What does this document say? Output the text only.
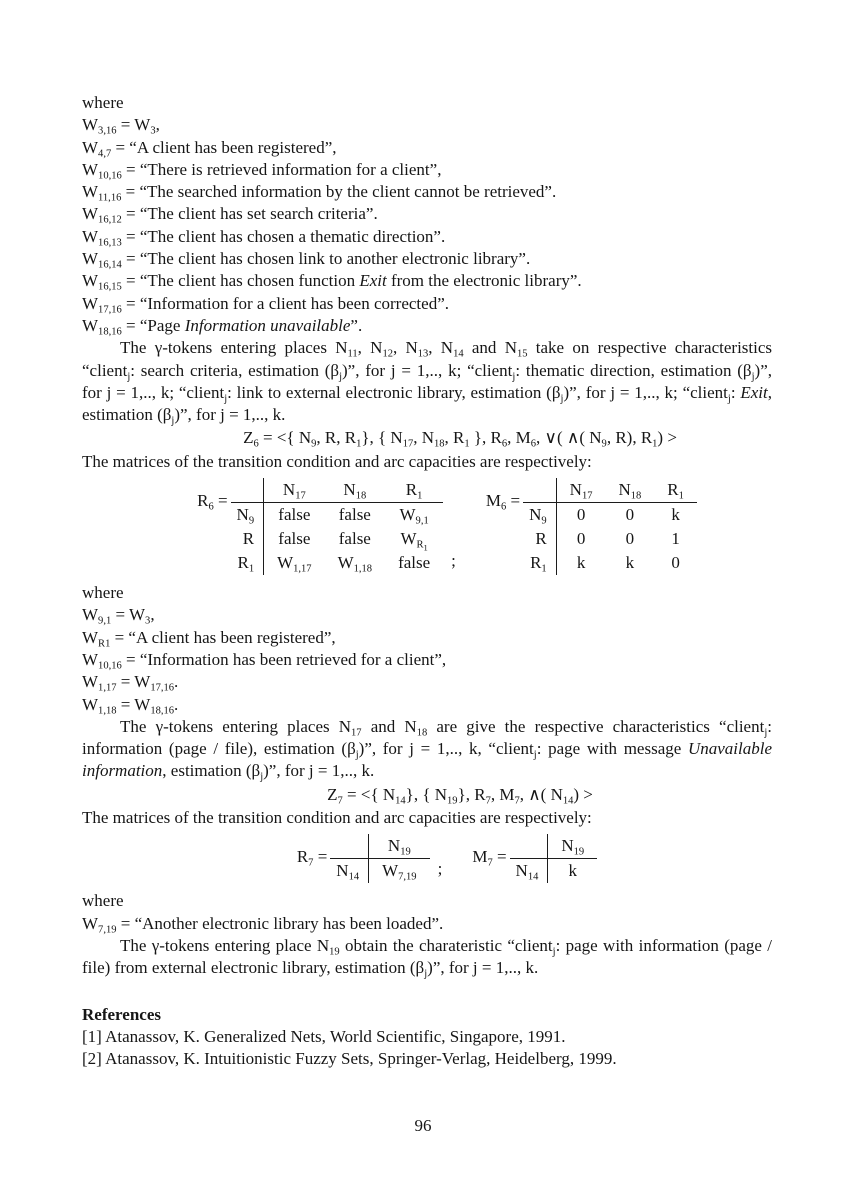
where
$W_{3,16} = W_3$,
$W_{4,7}$ = “A client has been registered”,
$W_{10,16}$ = “There is retrieved information for a client”,
$W_{11,16}$ = “The searched information by the client cannot be retrieved”.
$W_{16,12}$ = “The client has set search criteria”.
$W_{16,13}$ = “The client has chosen a thematic direction”.
$W_{16,14}$ = “The client has chosen link to another electronic library”.
$W_{16,15}$ = “The client has chosen function Exit from the electronic library”.
$W_{17,16}$ = “Information for a client has been corrected”.
$W_{18,16}$ = “Page Information unavailable”.
The γ-tokens entering places $N_{11}$, $N_{12}$, $N_{13}$, $N_{14}$ and $N_{15}$ take on respective characteristics “client$_j$: search criteria, estimation $(\beta_j)$”, for j = 1,.., k; “client$_j$: thematic direction, estimation $(\beta_j)$”, for j = 1,.., k; “client$_j$: link to external electronic library, estimation $(\beta_j)$”, for j = 1,.., k; “client$_j$: Exit, estimation $(\beta_j)$”, for j = 1,.., k.
$Z_6$ = <{ $N_9$, R, $R_1$}, { $N_{17}$, $N_{18}$, $R_1$ }, $R_6$, $M_6$, ∨( ∧( $N_9$, R), $R_1$) >
The matrices of the transition condition and arc capacities are respectively:
$R_6$ =
	$N_{17}$	$N_{18}$	$R_1$
$N_9$	false	false	$W_{9,1}$
R	false	false	$W_{R1}$
$R_1$	$W_{1,17}$	$W_{1,18}$	false ;
$M_6$ =
	$N_{17}$	$N_{18}$	$R_1$
$N_9$	0	0	k
R	0	0	1
$R_1$	k	k	0
where
$W_{9,1} = W_3$,
$W_{R1}$ = “A client has been registered”,
$W_{10,16}$ = “Information has been retrieved for a client”,
$W_{1,17} = W_{17,16}$.
$W_{1,18} = W_{18,16}$.
The γ-tokens entering places $N_{17}$ and $N_{18}$ are give the respective characteristics “client$_j$: information (page / file), estimation $(\beta_j)$”, for j = 1,.., k, “client$_j$: page with message Unavailable information, estimation $(\beta_j)$”, for j = 1,.., k.
$Z_7$ = <{ $N_{14}$}, { $N_{19}$}, $R_7$, $M_7$, ∧( $N_{14}$) >
The matrices of the transition condition and arc capacities are respectively:
$R_7$ =
	$N_{19}$
$N_{14}$	$W_{7,19}$ ;
$M_7$ =
	$N_{19}$
$N_{14}$	k
where
$W_{7,19}$ = “Another electronic library has been loaded”.
The γ-tokens entering place $N_{19}$ obtain the charateristic “client$_j$: page with information (page / file) from external electronic library, estimation $(\beta_j)$”, for j = 1,.., k.
References
[1] Atanassov, K. Generalized Nets, World Scientific, Singapore, 1991.
[2] Atanassov, K. Intuitionistic Fuzzy Sets, Springer-Verlag, Heidelberg, 1999.
96
